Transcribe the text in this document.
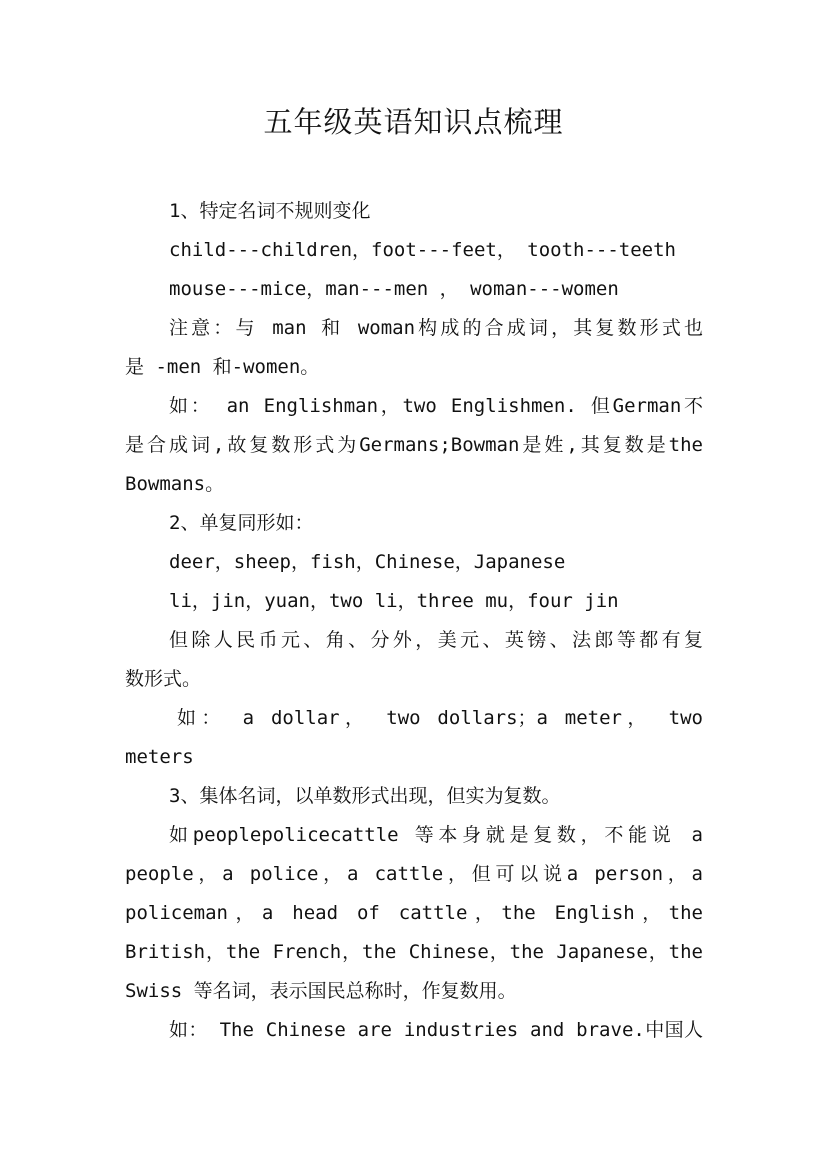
五年级英语知识点梳理

1、特定名词不规则变化

child---children，foot---feet， tooth---teeth

mouse---mice，man---men ， woman---women

注意：与 man 和 woman构成的合成词，其复数形式也

是 -men 和-women。

如： an Englishman，two Englishmen. 但German不

是合成词,故复数形式为Germans;Bowman是姓,其复数是the

Bowmans。

2、单复同形如：

deer，sheep，fish，Chinese，Japanese

li，jin，yuan，two li，three mu，four jin

但除人民币元、角、分外，美元、英镑、法郎等都有复

数形式。

如： a dollar， two dollars；a meter， two

meters

3、集体名词，以单数形式出现，但实为复数。

如peoplepolicecattle 等本身就是复数，不能说 a

people，a police，a cattle，但可以说a person，a

policeman，a head of cattle，the English，the

British，the French，the Chinese，the Japanese，the

Swiss 等名词，表示国民总称时，作复数用。

如： The Chinese are industries and brave.中国人
